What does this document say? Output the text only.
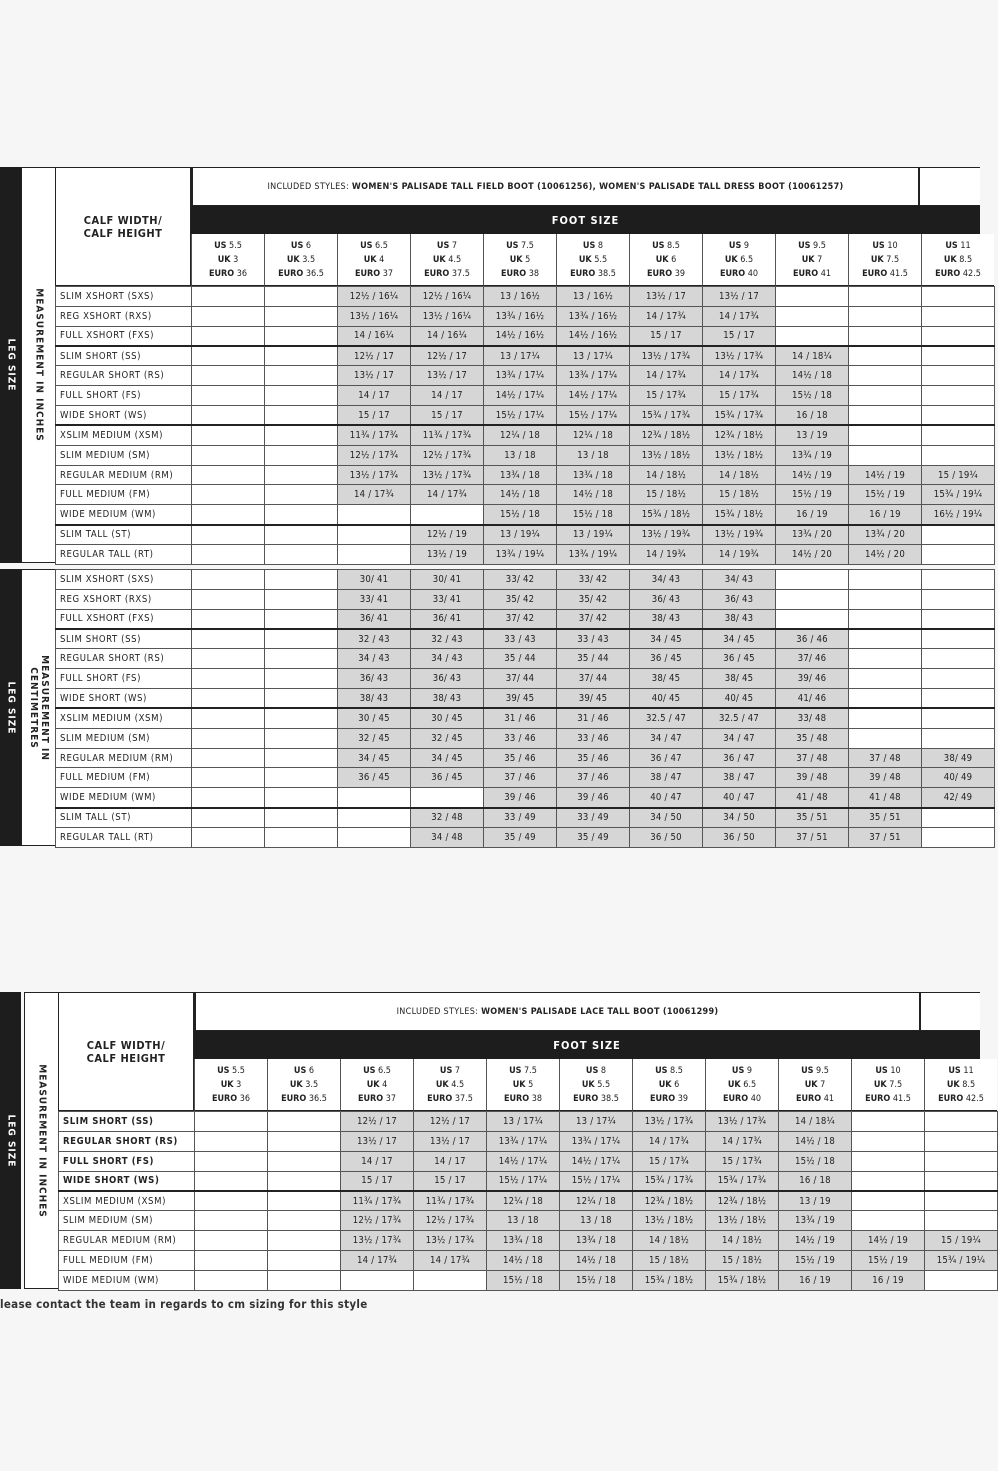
CALF WIDTH/
CALF HEIGHT
INCLUDED STYLES:
WOMEN'S PALISADE TALL FIELD BOOT (10061256), WOMEN'S PALISADE TALL DRESS BOOT (10061257)
FOOT SIZE
US 5.5
UK 3
EURO 36
US 6
UK 3.5
EURO 36.5
US 6.5
UK 4
EURO 37
US 7
UK 4.5
EURO 37.5
US 7.5
UK 5
EURO 38
US 8
UK 5.5
EURO 38.5
US 8.5
UK 6
EURO 39
US 9
UK 6.5
EURO 40
US 9.5
UK 7
EURO 41
US 10
UK 7.5
EURO 41.5
US 11
UK 8.5
EURO 42.5
LEG SIZE MEASUREMENT IN INCHES SLIM XSHORT (SXS)			12½ / 16¼	12½ / 16¼	13 / 16½	13 / 16½	13½ / 17	13½ / 17			
REG XSHORT (RXS)			13½ / 16¼	13½ / 16¼	13¾ / 16½	13¾ / 16½	14 / 17¾	14 / 17¾			
FULL XSHORT (FXS)			14 / 16¼	14 / 16¼	14½ / 16½	14½ / 16½	15 / 17	15 / 17			
SLIM SHORT (SS)			12½ / 17	12½ / 17	13 / 17¼	13 / 17¼	13½ / 17¾	13½ / 17¾	14 / 18¼		
REGULAR SHORT (RS)			13½ / 17	13½ / 17	13¾ / 17¼	13¾ / 17¼	14 / 17¾	14 / 17¾	14½ / 18		
FULL SHORT (FS)			14 / 17	14 / 17	14½ / 17¼	14½ / 17¼	15 / 17¾	15 / 17¾	15½ / 18		
WIDE SHORT (WS)			15 / 17	15 / 17	15½ / 17¼	15½ / 17¼	15¾ / 17¾	15¾ / 17¾	16 / 18		
XSLIM MEDIUM (XSM)			11¾ / 17¾	11¾ / 17¾	12¼ / 18	12¼ / 18	12¾ / 18½	12¾ / 18½	13 / 19		
SLIM MEDIUM (SM)			12½ / 17¾	12½ / 17¾	13 / 18	13 / 18	13½ / 18½	13½ / 18½	13¾ / 19		
REGULAR MEDIUM (RM)			13½ / 17¾	13½ / 17¾	13¾ / 18	13¾ / 18	14 / 18½	14 / 18½	14½ / 19	14½ / 19	15 / 19¼
FULL MEDIUM (FM)			14 / 17¾	14 / 17¾	14½ / 18	14½ / 18	15 / 18½	15 / 18½	15½ / 19	15½ / 19	15¾ / 19¼
WIDE MEDIUM (WM)					15½ / 18	15½ / 18	15¾ / 18½	15¾ / 18½	16 / 19	16 / 19	16½ / 19¼
SLIM TALL (ST)				12½ / 19	13 / 19¼	13 / 19¼	13½ / 19¾	13½ / 19¾	13¾ / 20	13¾ / 20	
REGULAR TALL (RT)				13½ / 19	13¾ / 19¼	13¾ / 19¼	14 / 19¾	14 / 19¾	14½ / 20	14½ / 20	
LEG SIZE	MEASUREMENT IN
CENTIMETRES
SLIM XSHORT (SXS)			30/ 41	30/ 41	33/ 42	33/ 42	34/ 43	34/ 43			
REG XSHORT (RXS)			33/ 41	33/ 41	35/ 42	35/ 42	36/ 43	36/ 43			
FULL XSHORT (FXS)			36/ 41	36/ 41	37/ 42	37/ 42	38/ 43	38/ 43			
SLIM SHORT (SS)			32 / 43	32 / 43	33 / 43	33 / 43	34 / 45	34 / 45	36 / 46		
REGULAR SHORT (RS)			34 / 43	34 / 43	35 / 44	35 / 44	36 / 45	36 / 45	37/ 46		
FULL SHORT (FS)			36/ 43	36/ 43	37/ 44	37/ 44	38/ 45	38/ 45	39/ 46		
WIDE SHORT (WS)			38/ 43	38/ 43	39/ 45	39/ 45	40/ 45	40/ 45	41/ 46		
XSLIM MEDIUM (XSM)			30 / 45	30 / 45	31 / 46	31 / 46	32.5 / 47	32.5 / 47	33/ 48		
SLIM MEDIUM (SM)			32 / 45	32 / 45	33 / 46	33 / 46	34 / 47	34 / 47	35 / 48		
REGULAR MEDIUM (RM)			34 / 45	34 / 45	35 / 46	35 / 46	36 / 47	36 / 47	37 / 48	37 / 48	38/ 49
FULL MEDIUM (FM)			36 / 45	36 / 45	37 / 46	37 / 46	38 / 47	38 / 47	39 / 48	39 / 48	40/ 49
WIDE MEDIUM (WM)					39 / 46	39 / 46	40 / 47	40 / 47	41 / 48	41 / 48	42/ 49
SLIM TALL (ST)				32 / 48	33 / 49	33 / 49	34 / 50	34 / 50	35 / 51	35 / 51	
REGULAR TALL (RT)				34 / 48	35 / 49	35 / 49	36 / 50	36 / 50	37 / 51	37 / 51	
CALF WIDTH/
CALF HEIGHT
INCLUDED STYLES:
WOMEN'S PALISADE LACE TALL BOOT (10061299)
FOOT SIZE
US 5.5
UK 3
EURO 36
US 6
UK 3.5
EURO 36.5
US 6.5
UK 4
EURO 37
US 7
UK 4.5
EURO 37.5
US 7.5
UK 5
EURO 38
US 8
UK 5.5
EURO 38.5
US 8.5
UK 6
EURO 39
US 9
UK 6.5
EURO 40
US 9.5
UK 7
EURO 41
US 10
UK 7.5
EURO 41.5
US 11
UK 8.5
EURO 42.5
LEG SIZE MEASUREMENT IN INCHES SLIM SHORT (SS)			12½ / 17	12½ / 17	13 / 17¼	13 / 17¼	13½ / 17¾	13½ / 17¾	14 / 18¼		
REGULAR SHORT (RS)			13½ / 17	13½ / 17	13¾ / 17¼	13¾ / 17¼	14 / 17¾	14 / 17¾	14½ / 18		
FULL SHORT (FS)			14 / 17	14 / 17	14½ / 17¼	14½ / 17¼	15 / 17¾	15 / 17¾	15½ / 18		
WIDE SHORT (WS)			15 / 17	15 / 17	15½ / 17¼	15½ / 17¼	15¾ / 17¾	15¾ / 17¾	16 / 18		
XSLIM MEDIUM (XSM)			11¾ / 17¾	11¾ / 17¾	12¼ / 18	12¼ / 18	12¾ / 18½	12¾ / 18½	13 / 19		
SLIM MEDIUM (SM)			12½ / 17¾	12½ / 17¾	13 / 18	13 / 18	13½ / 18½	13½ / 18½	13¾ / 19		
REGULAR MEDIUM (RM)			13½ / 17¾	13½ / 17¾	13¾ / 18	13¾ / 18	14 / 18½	14 / 18½	14½ / 19	14½ / 19	15 / 19¼
FULL MEDIUM (FM)			14 / 17¾	14 / 17¾	14½ / 18	14½ / 18	15 / 18½	15 / 18½	15½ / 19	15½ / 19	15¾ / 19¼
WIDE MEDIUM (WM)					15½ / 18	15½ / 18	15¾ / 18½	15¾ / 18½	16 / 19	16 / 19	
lease contact the team in regards to cm sizing for this style
